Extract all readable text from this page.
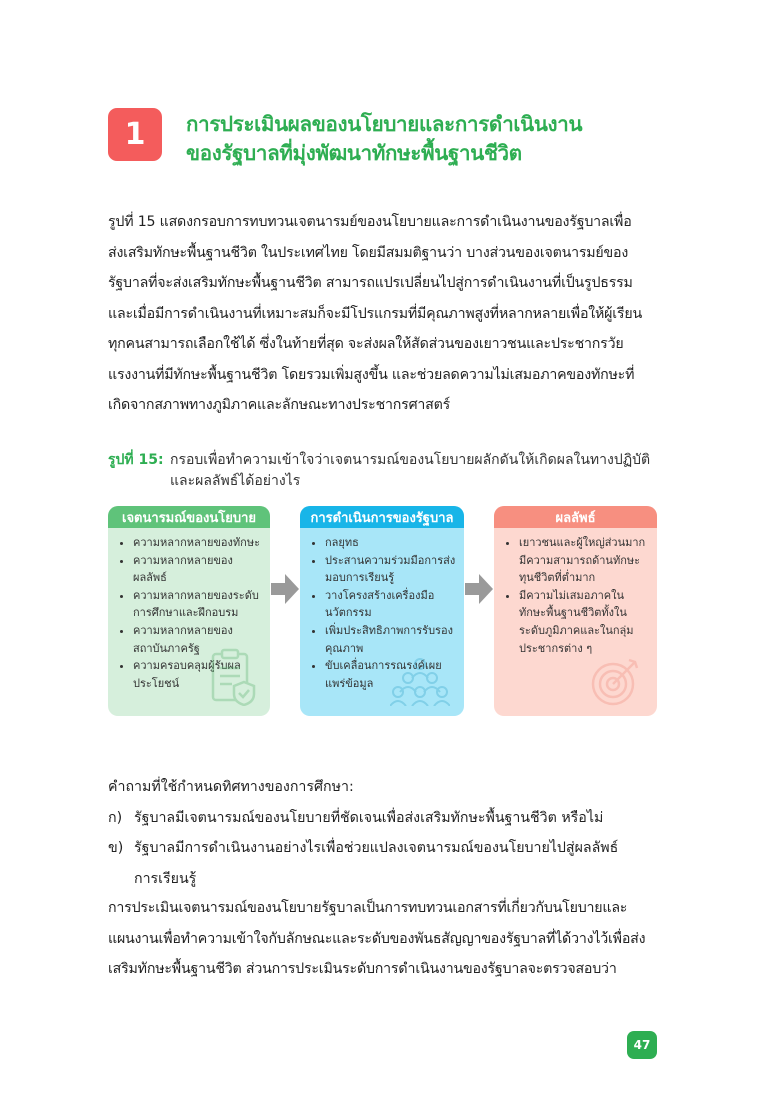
1	การประเมินผลของนโยบายและการดำเนินงาน
ของรัฐบาลที่มุ่งพัฒนาทักษะพื้นฐานชีวิต
รูปที่ 15 แสดงกรอบการทบทวนเจตนารมย์ของนโยบายและการดำเนินงานของรัฐบาลเพื่อ
ส่งเสริมทักษะพื้นฐานชีวิต ในประเทศไทย โดยมีสมมติฐานว่า บางส่วนของเจตนารมย์ของ
รัฐบาลที่จะส่งเสริมทักษะพื้นฐานชีวิต สามารถแปรเปลี่ยนไปสู่การดำเนินงานที่เป็นรูปธรรม
และเมื่อมีการดำเนินงานที่เหมาะสมก็จะมีโปรแกรมที่มีคุณภาพสูงที่หลากหลายเพื่อให้ผู้เรียน
ทุกคนสามารถเลือกใช้ได้ ซึ่งในท้ายที่สุด จะส่งผลให้สัดส่วนของเยาวชนและประชากรวัย
แรงงานที่มีทักษะพื้นฐานชีวิต โดยรวมเพิ่มสูงขึ้น และช่วยลดความไม่เสมอภาคของทักษะที่
เกิดจากสภาพทางภูมิภาคและลักษณะทางประชากรศาสตร์
รูปที่ 15: กรอบเพื่อทำความเข้าใจว่าเจตนารมณ์ของนโยบายผลักดันให้เกิดผลในทางปฏิบัติ
และผลลัพธ์ได้อย่างไร
เจตนารมณ์ของนโยบาย
• ความหลากหลายของทักษะ
• ความหลากหลายของผลลัพธ์
• ความหลากหลายของระดับการศึกษาและฝึกอบรม
• ความหลากหลายของสถาบันภาครัฐ
• ความครอบคลุมผู้รับผลประโยชน์
การดำเนินการของรัฐบาล
• กลยุทธ
• ประสานความร่วมมือการส่งมอบการเรียนรู้
• วางโครงสร้างเครื่องมือนวัตกรรม
• เพิ่มประสิทธิภาพการรับรองคุณภาพ
• ขับเคลื่อนการรณรงค์เผยแพร่ข้อมูล
ผลลัพธ์
• เยาวชนและผู้ใหญ่ส่วนมากมีความสามารถด้านทักษะทุนชีวิตที่ต่ำมาก
• มีความไม่เสมอภาคในทักษะพื้นฐานชีวิตทั้งในระดับภูมิภาคและในกลุ่มประชากรต่าง ๆ
คำถามที่ใช้กำหนดทิศทางของการศึกษา:
ก) รัฐบาลมีเจตนารมณ์ของนโยบายที่ชัดเจนเพื่อส่งเสริมทักษะพื้นฐานชีวิต หรือไม่
ข) รัฐบาลมีการดำเนินงานอย่างไรเพื่อช่วยแปลงเจตนารมณ์ของนโยบายไปสู่ผลลัพธ์
การเรียนรู้
การประเมินเจตนารมณ์ของนโยบายรัฐบาลเป็นการทบทวนเอกสารที่เกี่ยวกับนโยบายและ
แผนงานเพื่อทำความเข้าใจกับลักษณะและระดับของพันธสัญญาของรัฐบาลที่ได้วางไว้เพื่อส่ง
เสริมทักษะพื้นฐานชีวิต ส่วนการประเมินระดับการดำเนินงานของรัฐบาลจะตรวจสอบว่า
47
